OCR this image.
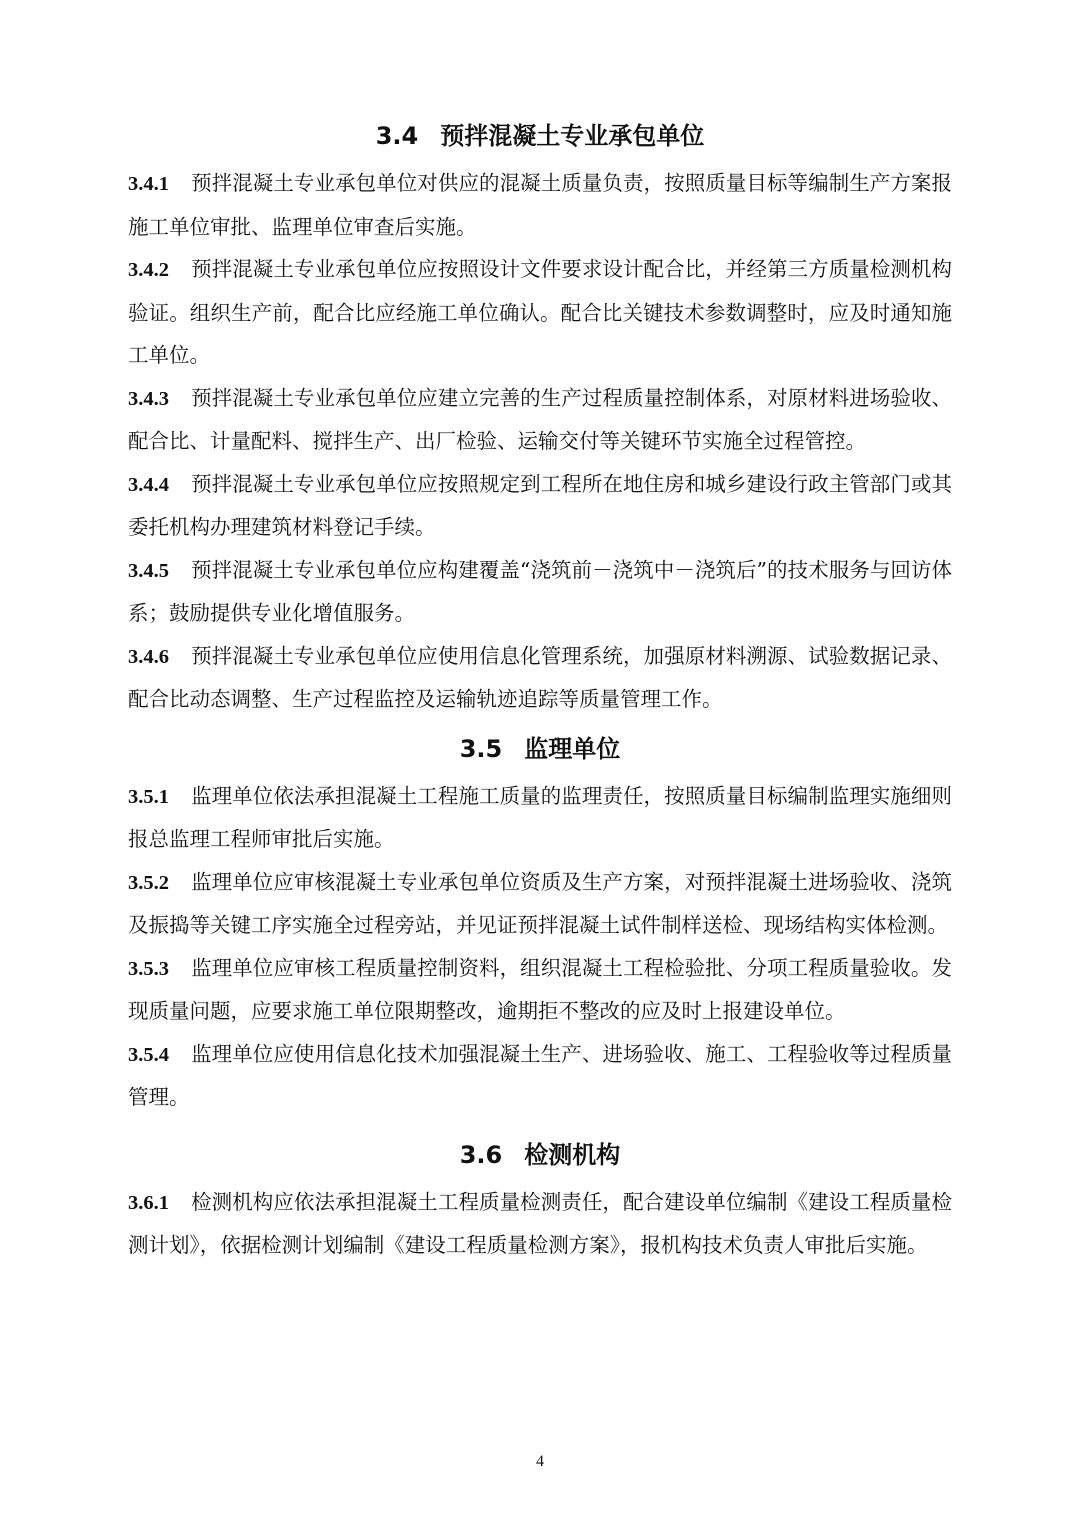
3.4 预拌混凝土专业承包单位

3.4.1 预拌混凝土专业承包单位对供应的混凝土质量负责，按照质量目标等编制生产方案报施工单位审批、监理单位审查后实施。

3.4.2 预拌混凝土专业承包单位应按照设计文件要求设计配合比，并经第三方质量检测机构验证。组织生产前，配合比应经施工单位确认。配合比关键技术参数调整时，应及时通知施工单位。

3.4.3 预拌混凝土专业承包单位应建立完善的生产过程质量控制体系，对原材料进场验收、配合比、计量配料、搅拌生产、出厂检验、运输交付等关键环节实施全过程管控。

3.4.4 预拌混凝土专业承包单位应按照规定到工程所在地住房和城乡建设行政主管部门或其委托机构办理建筑材料登记手续。

3.4.5 预拌混凝土专业承包单位应构建覆盖“浇筑前－浇筑中－浇筑后”的技术服务与回访体系；鼓励提供专业化增值服务。

3.4.6 预拌混凝土专业承包单位应使用信息化管理系统，加强原材料溯源、试验数据记录、配合比动态调整、生产过程监控及运输轨迹追踪等质量管理工作。

3.5 监理单位

3.5.1 监理单位依法承担混凝土工程施工质量的监理责任，按照质量目标编制监理实施细则报总监理工程师审批后实施。

3.5.2 监理单位应审核混凝土专业承包单位资质及生产方案，对预拌混凝土进场验收、浇筑及振捣等关键工序实施全过程旁站，并见证预拌混凝土试件制样送检、现场结构实体检测。

3.5.3 监理单位应审核工程质量控制资料，组织混凝土工程检验批、分项工程质量验收。发现质量问题，应要求施工单位限期整改，逾期拒不整改的应及时上报建设单位。

3.5.4 监理单位应使用信息化技术加强混凝土生产、进场验收、施工、工程验收等过程质量管理。

3.6 检测机构

3.6.1 检测机构应依法承担混凝土工程质量检测责任，配合建设单位编制《建设工程质量检测计划》，依据检测计划编制《建设工程质量检测方案》，报机构技术负责人审批后实施。

4
